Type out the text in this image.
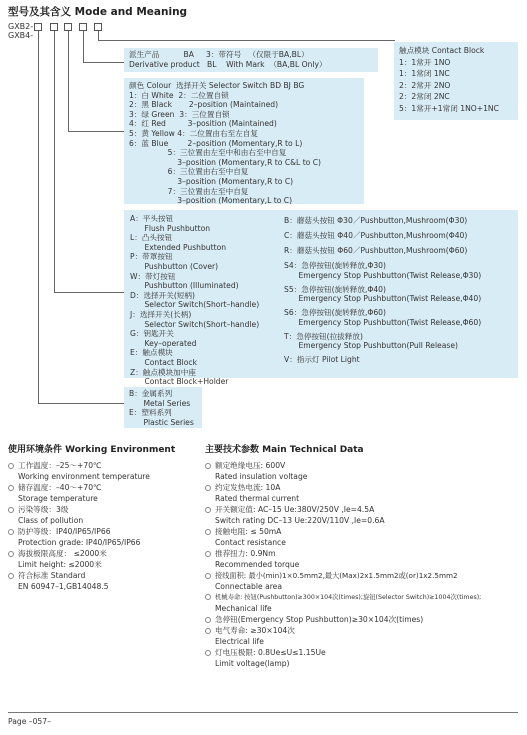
型号及其含义 Mode and Meaning
GXB2-
GXB4-
触点模块 Contact Block
1：1常开 1NO
1：1常闭 1NC
2：2常开 2NO
2：2常闭 2NC
5：1常开+1常闭 1NO+1NC
派生产品          BA     3：带符号   （仅限于BA,BL）
Derivative product   BL    With Mark  （BA,BL Only）
颜色 Colour  选择开关 Selector Switch BD BJ BG
1：白 White  2：二位置自锁
2：黑 Black       2–position (Maintained)
3：绿 Green  3：三位置自锁
4：红 Red         3–position (Maintained)
5：黄 Yellow 4：二位置由右至左自复
6：蓝 Blue        2–position (Momentary,R to L)
5：三位置由左至中和由右至中自复
3–position (Momentary,R to C&L to C)
6：三位置由右至中自复
3–position (Momentary,R to C)
7：三位置由左至中自复
3–position (Momentary,L to C)
A：平头按钮
Flush Pushbutton
L：凸头按钮
Extended Pushbutton
P：带罩按钮
Pushbutton (Cover)
W：带灯按钮
Pushbutton (Illuminated)
D：选择开关(短柄)
Selector Switch(Short–handle)
J：选择开关(长柄)
Selector Switch(Short–handle)
G：钥匙开关
Key–operated
E：触点模块
Contact Block
Z：触点模块加中座
Contact Block+Holder
B：蘑菇头按钮 Φ30／Pushbutton,Mushroom(Φ30)
C：蘑菇头按钮 Φ40／Pushbutton,Mushroom(Φ40)
R：蘑菇头按钮 Φ60／Pushbutton,Mushroom(Φ60)
S4：急停按钮(旋转释放,Φ30)
Emergency Stop Pushbutton(Twist Release,Φ30)
S5：急停按钮(旋转释放,Φ40)
Emergency Stop Pushbutton(Twist Release,Φ40)
S6：急停按钮(旋转释放,Φ60)
Emergency Stop Pushbutton(Twist Release,Φ60)
T：急停按钮(拉拔释放)
Emergency Stop Pushbutton(Pull Release)
V：指示灯 Pilot Light
B：金属系列
Metal Series
E：塑料系列
Plastic Series
使用环境条件 Working Environment
工作温度：–25～+70℃
Working environment temperature
储存温度：–40～+70℃
Storage temperature
污染等级：3级
Class of pollution
防护等级：IP40/IP65/IP66
Protection grade: IP40/IP65/IP66
海拔极限高度： ≤2000米
Limit height: ≤2000米
符合标准 Standard
EN 60947–1,GB14048.5
主要技术参数 Main Technical Data
额定绝缘电压: 600V
Rated insulation voltage
约定发热电流: 10A
Rated thermal current
开关额定值: AC–15 Ue:380V/250V ,Ie=4.5A
Switch rating DC–13 Ue:220V/110V ,Ie=0.6A
接触电阻: ≤ 50mA
Contact resistance
推荐扭力: 0.9Nm
Recommended torque
接线面积: 最小(min)1×0.5mm2,最大(Max)2x1.5mm2或(or)1x2.5mm2
Connectable area
机械寿命: 按钮(Pushbutton)≥300×104次(times);旋钮(Selector Switch)≥1004次(times);
Mechanical life
急停钮(Emergency Stop Pushbutton)≥30×104次(times)
电气寿命: ≥30×104次
Electrical life
灯电压极限: 0.8Ue≤U≤1.15Ue
Limit voltage(lamp)
Page –057–
